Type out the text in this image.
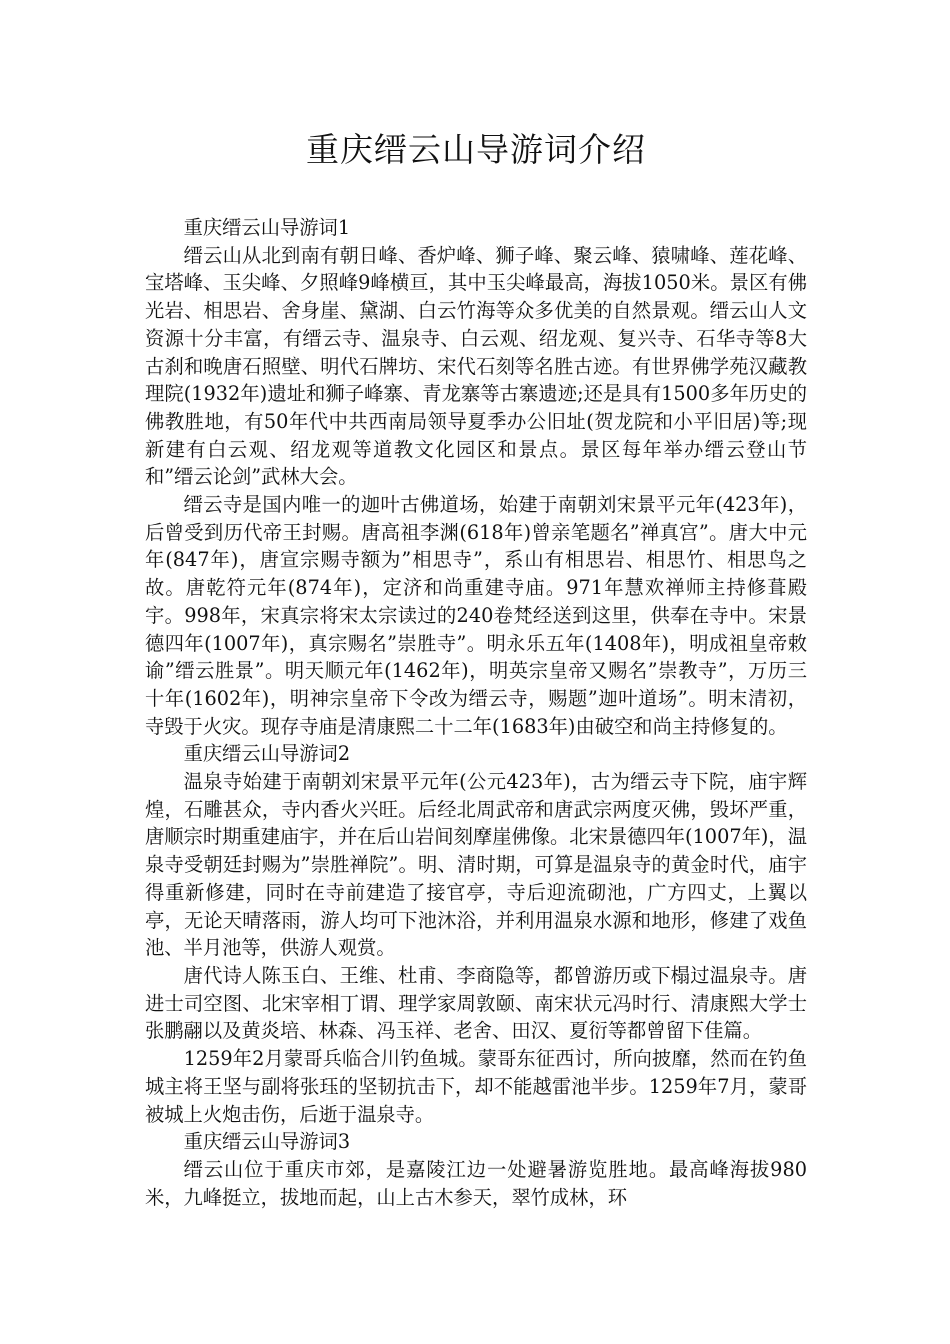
重庆缙云山导游词介绍

重庆缙云山导游词1

缙云山从北到南有朝日峰、香炉峰、狮子峰、聚云峰、猿啸峰、莲花峰、宝塔峰、玉尖峰、夕照峰9峰横亘，其中玉尖峰最高，海拔1050米。景区有佛光岩、相思岩、舍身崖、黛湖、白云竹海等众多优美的自然景观。缙云山人文资源十分丰富，有缙云寺、温泉寺、白云观、绍龙观、复兴寺、石华寺等8大古刹和晚唐石照壁、明代石牌坊、宋代石刻等名胜古迹。有世界佛学苑汉藏教理院(1932年)遗址和狮子峰寨、青龙寨等古寨遗迹;还是具有1500多年历史的佛教胜地，有50年代中共西南局领导夏季办公旧址(贺龙院和小平旧居)等;现新建有白云观、绍龙观等道教文化园区和景点。景区每年举办缙云登山节和”缙云论剑”武林大会。

缙云寺是国内唯一的迦叶古佛道场，始建于南朝刘宋景平元年(423年)，后曾受到历代帝王封赐。唐高祖李渊(618年)曾亲笔题名”禅真宫”。唐大中元年(847年)，唐宣宗赐寺额为”相思寺”，系山有相思岩、相思竹、相思鸟之故。唐乾符元年(874年)，定济和尚重建寺庙。971年慧欢禅师主持修葺殿宇。998年，宋真宗将宋太宗读过的240卷梵经送到这里，供奉在寺中。宋景德四年(1007年)，真宗赐名”崇胜寺”。明永乐五年(1408年)，明成祖皇帝敕谕”缙云胜景”。明天顺元年(1462年)，明英宗皇帝又赐名”崇教寺”，万历三十年(1602年)，明神宗皇帝下令改为缙云寺，赐题”迦叶道场”。明末清初，寺毁于火灾。现存寺庙是清康熙二十二年(1683年)由破空和尚主持修复的。

重庆缙云山导游词2

温泉寺始建于南朝刘宋景平元年(公元423年)，古为缙云寺下院，庙宇辉煌，石雕甚众，寺内香火兴旺。后经北周武帝和唐武宗两度灭佛，毁坏严重，唐顺宗时期重建庙宇，并在后山岩间刻摩崖佛像。北宋景德四年(1007年)，温泉寺受朝廷封赐为”崇胜禅院”。明、清时期，可算是温泉寺的黄金时代，庙宇得重新修建，同时在寺前建造了接官亭，寺后迎流砌池，广方四丈，上翼以亭，无论天晴落雨，游人均可下池沐浴，并利用温泉水源和地形，修建了戏鱼池、半月池等，供游人观赏。

唐代诗人陈玉白、王维、杜甫、李商隐等，都曾游历或下榻过温泉寺。唐进士司空图、北宋宰相丁谓、理学家周敦颐、南宋状元冯时行、清康熙大学士张鹏翮以及黄炎培、林森、冯玉祥、老舍、田汉、夏衍等都曾留下佳篇。

1259年2月蒙哥兵临合川钓鱼城。蒙哥东征西讨，所向披靡，然而在钓鱼城主将王坚与副将张珏的坚韧抗击下，却不能越雷池半步。1259年7月，蒙哥被城上火炮击伤，后逝于温泉寺。

重庆缙云山导游词3

缙云山位于重庆市郊，是嘉陵江边一处避暑游览胜地。最高峰海拔980米，九峰挺立，拔地而起，山上古木参天，翠竹成林，环
